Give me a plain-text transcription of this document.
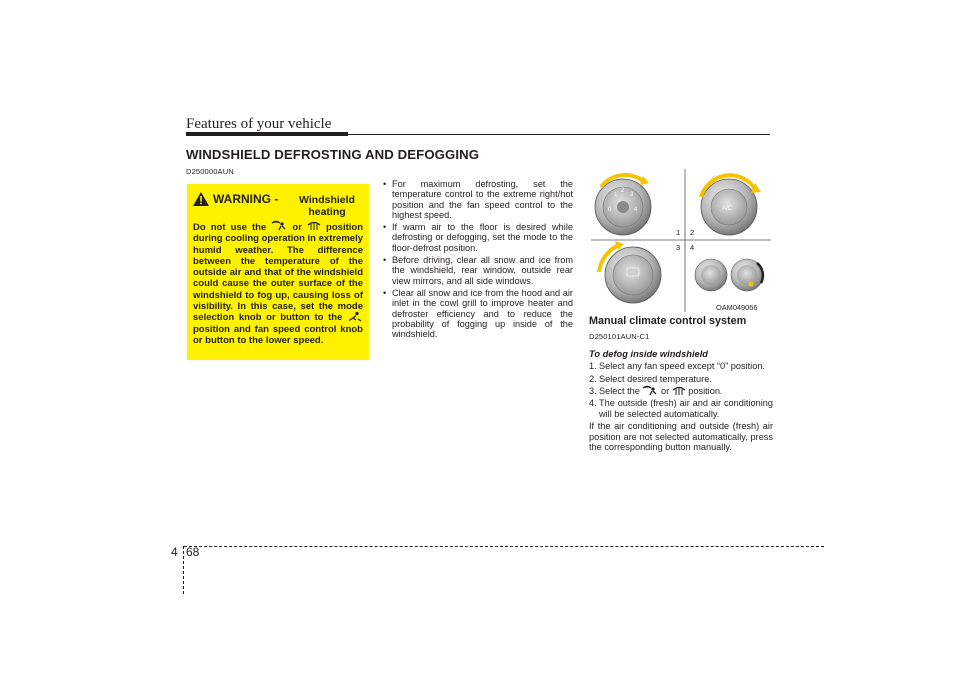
Features of your vehicle
WINDSHIELD DEFROSTING AND DEFOGGING
D250000AUN
WARNING -	Windshield heating
Do not use the  or  position during cooling operation in extremely humid weather. The difference between the temperature of the outside air and that of the windshield could cause the outer surface of the windshield to fog up, causing loss of visibility. In this case, set the mode selection knob or button to the  position and fan speed control knob or button to the lower speed.
• For maximum defrosting, set the temperature control to the extreme right/hot position and the fan speed control to the highest speed.
• If warm air to the floor is desired while defrosting or defogging, set the mode to the floor-defrost position.
• Before driving, clear all snow and ice from the windshield, rear window, outside rear view mirrors, and all side windows.
• Clear all snow and ice from the hood and air inlet in the cowl grill to improve heater and defroster efficiency and to reduce the probability of fogging up inside of the windshield.
0
1
2
3
4	A/C
1 2
3 4
OAM049066
Manual climate control system
D250101AUN-C1
To defog inside windshield
1. Select any fan speed except “0” position.
2. Select desired temperature.
3. Select the  or  position.
4. The outside (fresh) air and air conditioning will be selected automatically.
If the air conditioning and outside (fresh) air position are not selected automatically, press the corresponding button manually.
4 68
